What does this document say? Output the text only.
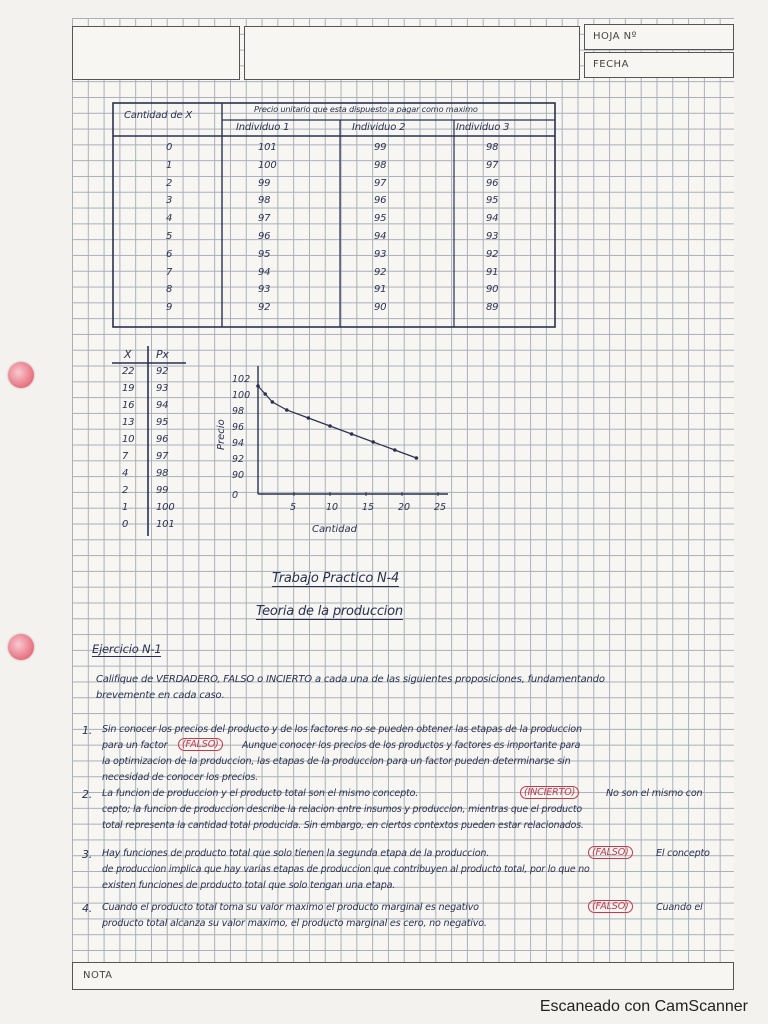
HOJA Nº
FECHA
Cantidad de X
Precio unitario que esta dispuesto a pagar como maximo
Individuo 1	Individuo 2	Individuo 3
0	101	99	98
1	100	98	97
2	99	97	96
3	98	96	95
4	97	95	94
5	96	94	93
6	95	93	92
7	94	92	91
8	93	91	90
9	92	90	89
X Px
22 92
19 93
16 94
13 95
10 96
7	97
4	98
2	99
1	100
0	101
102
100
98
96
94
92
90
0
5	10	15	20	25
Cantidad
Precio
Trabajo Practico N-4
Teoria de la produccion
Ejercicio N-1
Califique de VERDADERO, FALSO o INCIERTO a cada una de las siguientes proposiciones, fundamentando
brevemente en cada caso.
1. Sin conocer los precios del producto y de los factores no se pueden obtener las etapas de la produccion
para un factor	(FALSO)	Aunque conocer los precios de los productos y factores es importante para
la optimizacion de la produccion, las etapas de la produccion para un factor pueden determinarse sin
necesidad de conocer los precios.
2. La funcion de produccion y el producto total son el mismo concepto.	(INCIERTO)	No son el mismo con
cepto; la funcion de produccion describe la relacion entre insumos y produccion, mientras que el producto
total representa la cantidad total producida. Sin embargo, en ciertos contextos pueden estar relacionados.
3. Hay funciones de producto total que solo tienen la segunda etapa de la produccion.	(FALSO)	El concepto
de produccion implica que hay varias etapas de produccion que contribuyen al producto total, por lo que no
existen funciones de producto total que solo tengan una etapa.
4. Cuando el producto total toma su valor maximo el producto marginal es negativo	(FALSO)	Cuando el
producto total alcanza su valor maximo, el producto marginal es cero, no negativo.
NOTA
Escaneado con CamScanner
